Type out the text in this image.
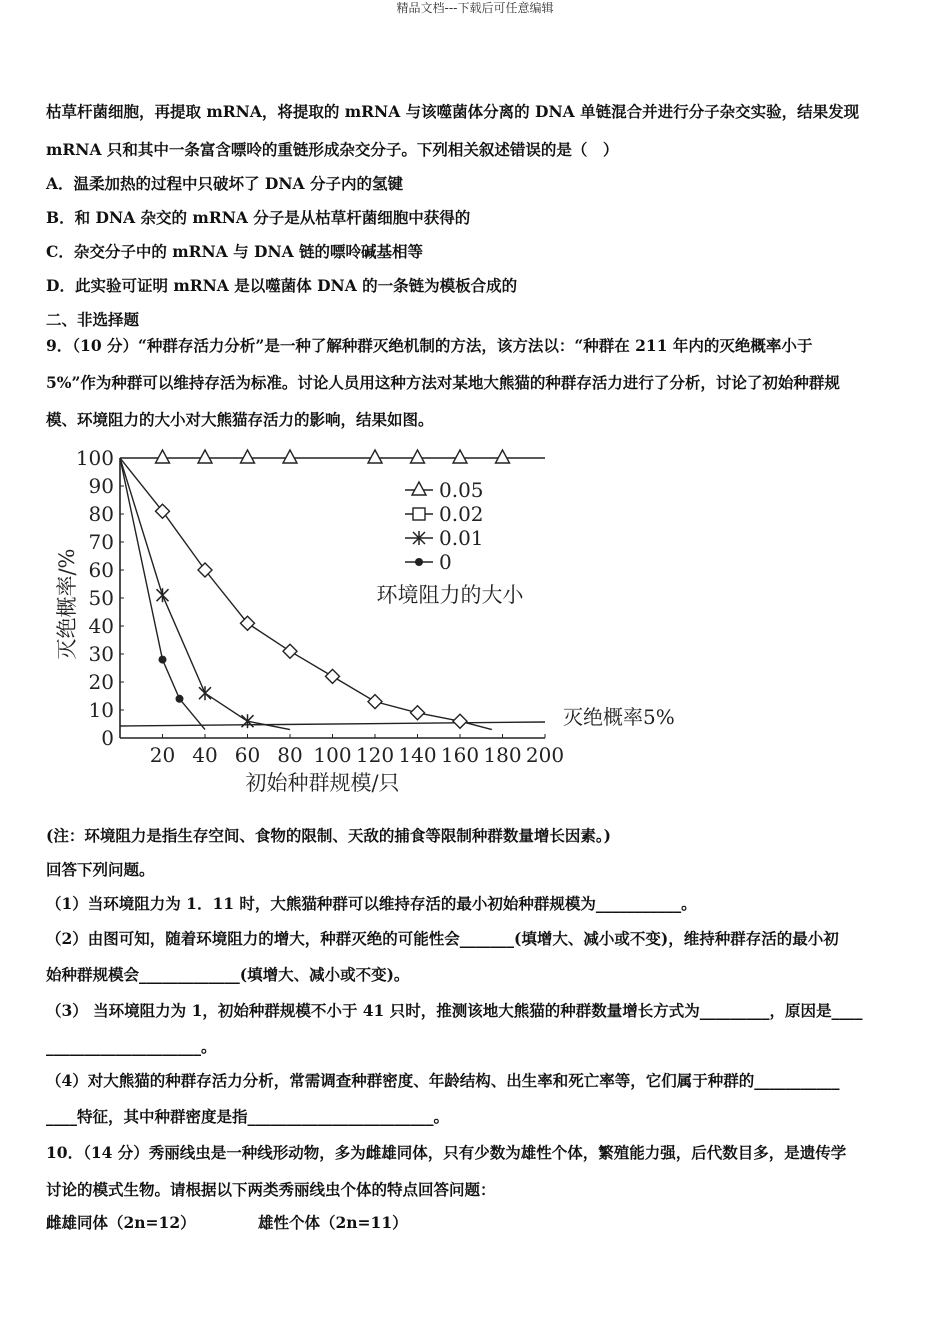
精品文档---下载后可任意编辑
枯草杆菌细胞，再提取 mRNA，将提取的 mRNA 与该噬菌体分离的 DNA 单链混合并进行分子杂交实验，结果发现
mRNA 只和其中一条富含嘌呤的重链形成杂交分子。下列相关叙述错误的是（　）
A．温柔加热的过程中只破坏了 DNA 分子内的氢键
B．和 DNA 杂交的 mRNA 分子是从枯草杆菌细胞中获得的
C．杂交分子中的 mRNA 与 DNA 链的嘌呤碱基相等
D．此实验可证明 mRNA 是以噬菌体 DNA 的一条链为模板合成的
二、非选择题
9．（10 分）“种群存活力分析”是一种了解种群灭绝机制的方法，该方法以：“种群在 211 年内的灭绝概率小于
5%”作为种群可以维持存活为标准。讨论人员用这种方法对某地大熊猫的种群存活力进行了分析，讨论了初始种群规
模、环境阻力的大小对大熊猫存活力的影响，结果如图。
0
10
20
30
40
50
60
70
80
90
100
20 40 60 80 100 120 140 160 180 200
初始种群规模/只
灭绝概率/%
灭绝概率5%
0.05
0.02
0.01
0
环境阻力的大小
(注：环境阻力是指生存空间、食物的限制、天敌的捕食等限制种群数量增长因素。)
回答下列问题。
（1）当环境阻力为 1．11 时，大熊猫种群可以维持存活的最小初始种群规模为___________。
（2）由图可知，随着环境阻力的增大，种群灭绝的可能性会_______(填增大、减小或不变)，维持种群存活的最小初
始种群规模会_____________(填增大、减小或不变)。
（3） 当环境阻力为 1，初始种群规模不小于 41 只时，推测该地大熊猫的种群数量增长方式为_________，原因是____
____________________。
（4）对大熊猫的种群存活力分析，常需调查种群密度、年龄结构、出生率和死亡率等，它们属于种群的___________
____特征，其中种群密度是指________________________。
10．（14 分）秀丽线虫是一种线形动物，多为雌雄同体，只有少数为雄性个体，繁殖能力强，后代数目多，是遗传学
讨论的模式生物。请根据以下两类秀丽线虫个体的特点回答问题：
雌雄同体（2n=12）	雄性个体（2n=11）
